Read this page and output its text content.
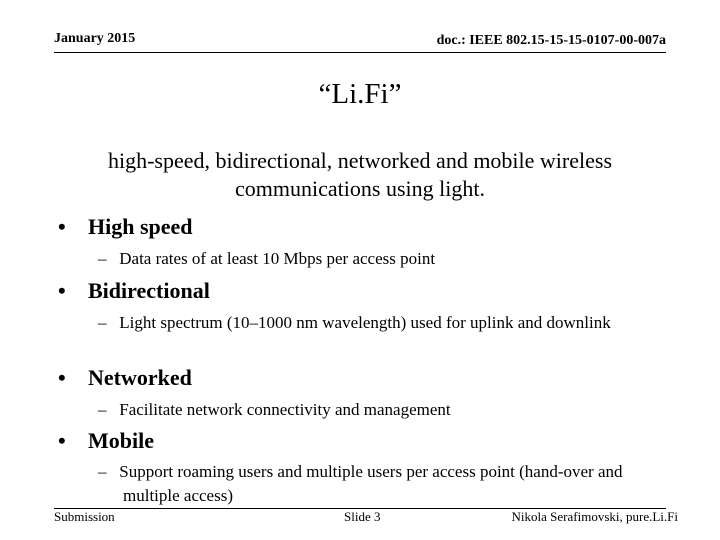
January 2015	doc.: IEEE 802.15-15-15-0107-00-007a
“Li.Fi”
high-speed, bidirectional, networked and mobile wireless communications using light.
• High speed
– Data rates of at least 10 Mbps per access point
• Bidirectional
– Light spectrum (10–1000 nm wavelength) used for uplink and downlink
• Networked
– Facilitate network connectivity and management
• Mobile
– Support roaming users and multiple users per access point (hand-over and multiple access)
Submission	Slide 3	Nikola Serafimovski, pure.Li.Fi
